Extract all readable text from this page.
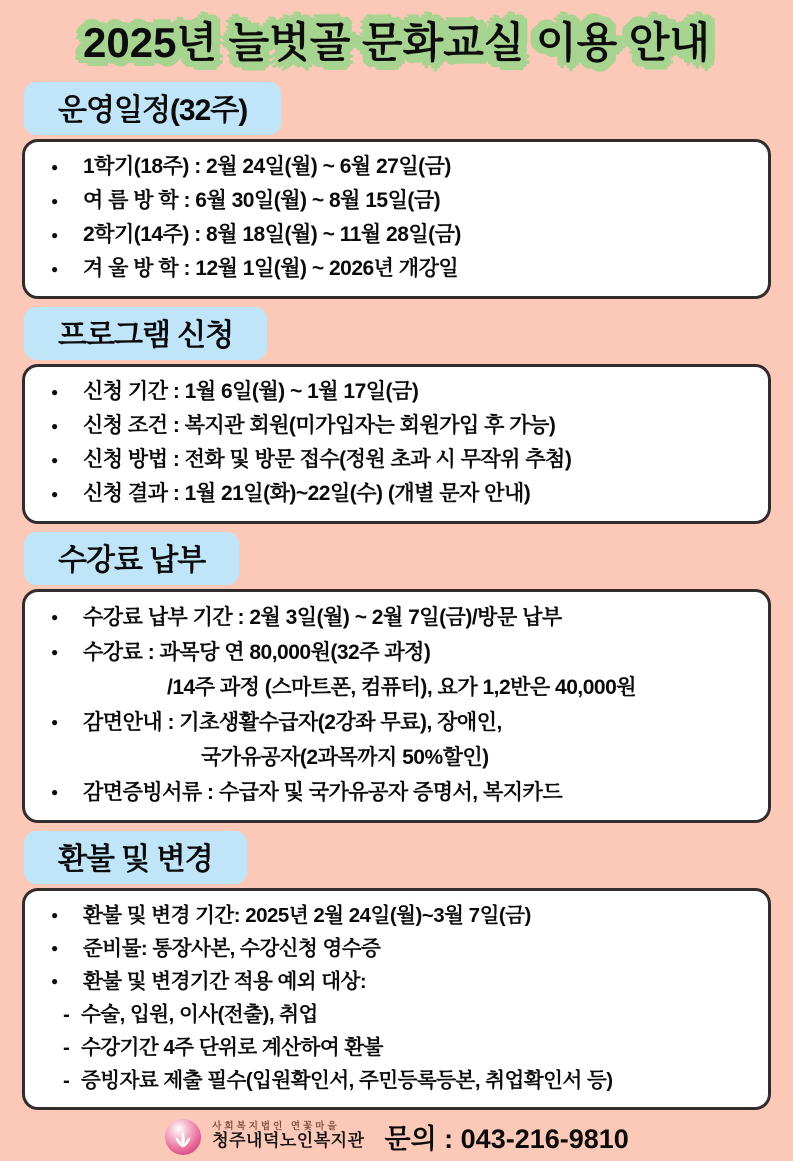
2025년 늘벗골 문화교실 이용 안내
운영일정(32주)
● 1학기(18주) : 2월 24일(월) ~ 6월 27일(금)
● 여 름 방 학 : 6월 30일(월) ~ 8월 15일(금)
● 2학기(14주) : 8월 18일(월) ~ 11월 28일(금)
● 겨 울 방 학 : 12월 1일(월) ~ 2026년 개강일
프로그램 신청
● 신청 기간 : 1월 6일(월) ~ 1월 17일(금)
● 신청 조건 : 복지관 회원(미가입자는 회원가입 후 가능)
● 신청 방법 : 전화 및 방문 접수(정원 초과 시 무작위 추첨)
● 신청 결과 : 1월 21일(화)~22일(수) (개별 문자 안내)
수강료 납부
● 수강료 납부 기간 : 2월 3일(월) ~ 2월 7일(금)/방문 납부
● 수강료 : 과목당 연 80,000원(32주 과정)
/14주 과정 (스마트폰, 컴퓨터), 요가 1,2반은 40,000원
● 감면안내 : 기초생활수급자(2강좌 무료), 장애인,
국가유공자(2과목까지 50%할인)
● 감면증빙서류 : 수급자 및 국가유공자 증명서, 복지카드
환불 및 변경
● 환불 및 변경 기간: 2025년 2월 24일(월)~3월 7일(금)
● 준비물: 통장사본, 수강신청 영수증
● 환불 및 변경기간 적용 예외 대상:
- 수술, 입원, 이사(전출), 취업
- 수강기간 4주 단위로 계산하여 환불
- 증빙자료 제출 필수(입원확인서, 주민등록등본, 취업확인서 등)
사회복지법인 연꽃마을
청주내덕노인복지관 문의 : 043-216-9810
